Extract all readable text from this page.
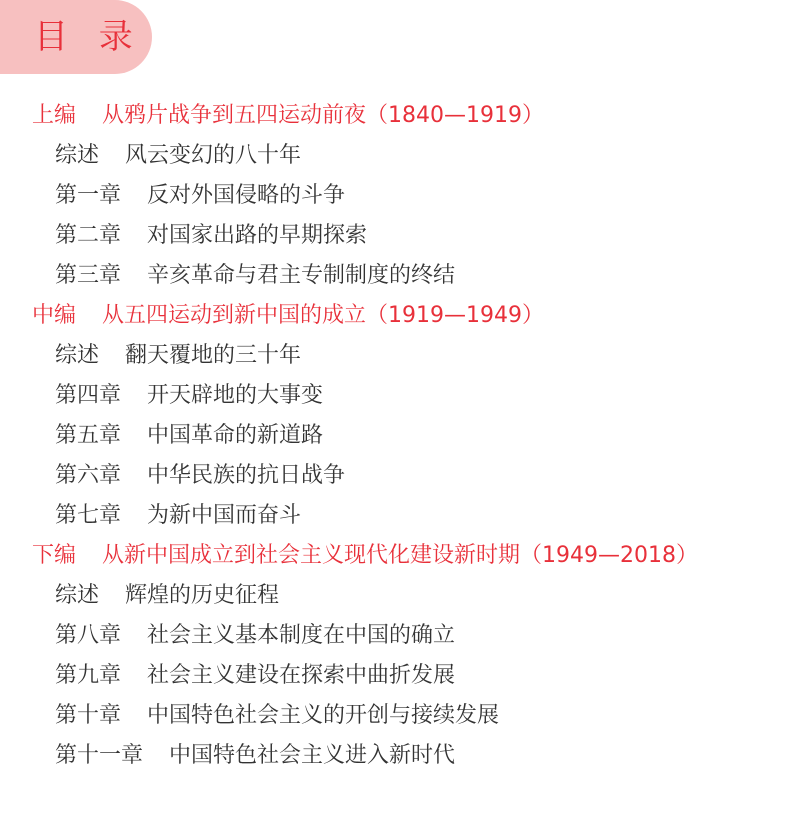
目 录
上编 从鸦片战争到五四运动前夜（1840—1919）
综述 风云变幻的八十年
第一章 反对外国侵略的斗争
第二章 对国家出路的早期探索
第三章 辛亥革命与君主专制制度的终结
中编 从五四运动到新中国的成立（1919—1949）
综述 翻天覆地的三十年
第四章 开天辟地的大事变
第五章 中国革命的新道路
第六章 中华民族的抗日战争
第七章 为新中国而奋斗
下编 从新中国成立到社会主义现代化建设新时期（1949—2018）
综述 辉煌的历史征程
第八章 社会主义基本制度在中国的确立
第九章 社会主义建设在探索中曲折发展
第十章 中国特色社会主义的开创与接续发展
第十一章 中国特色社会主义进入新时代
